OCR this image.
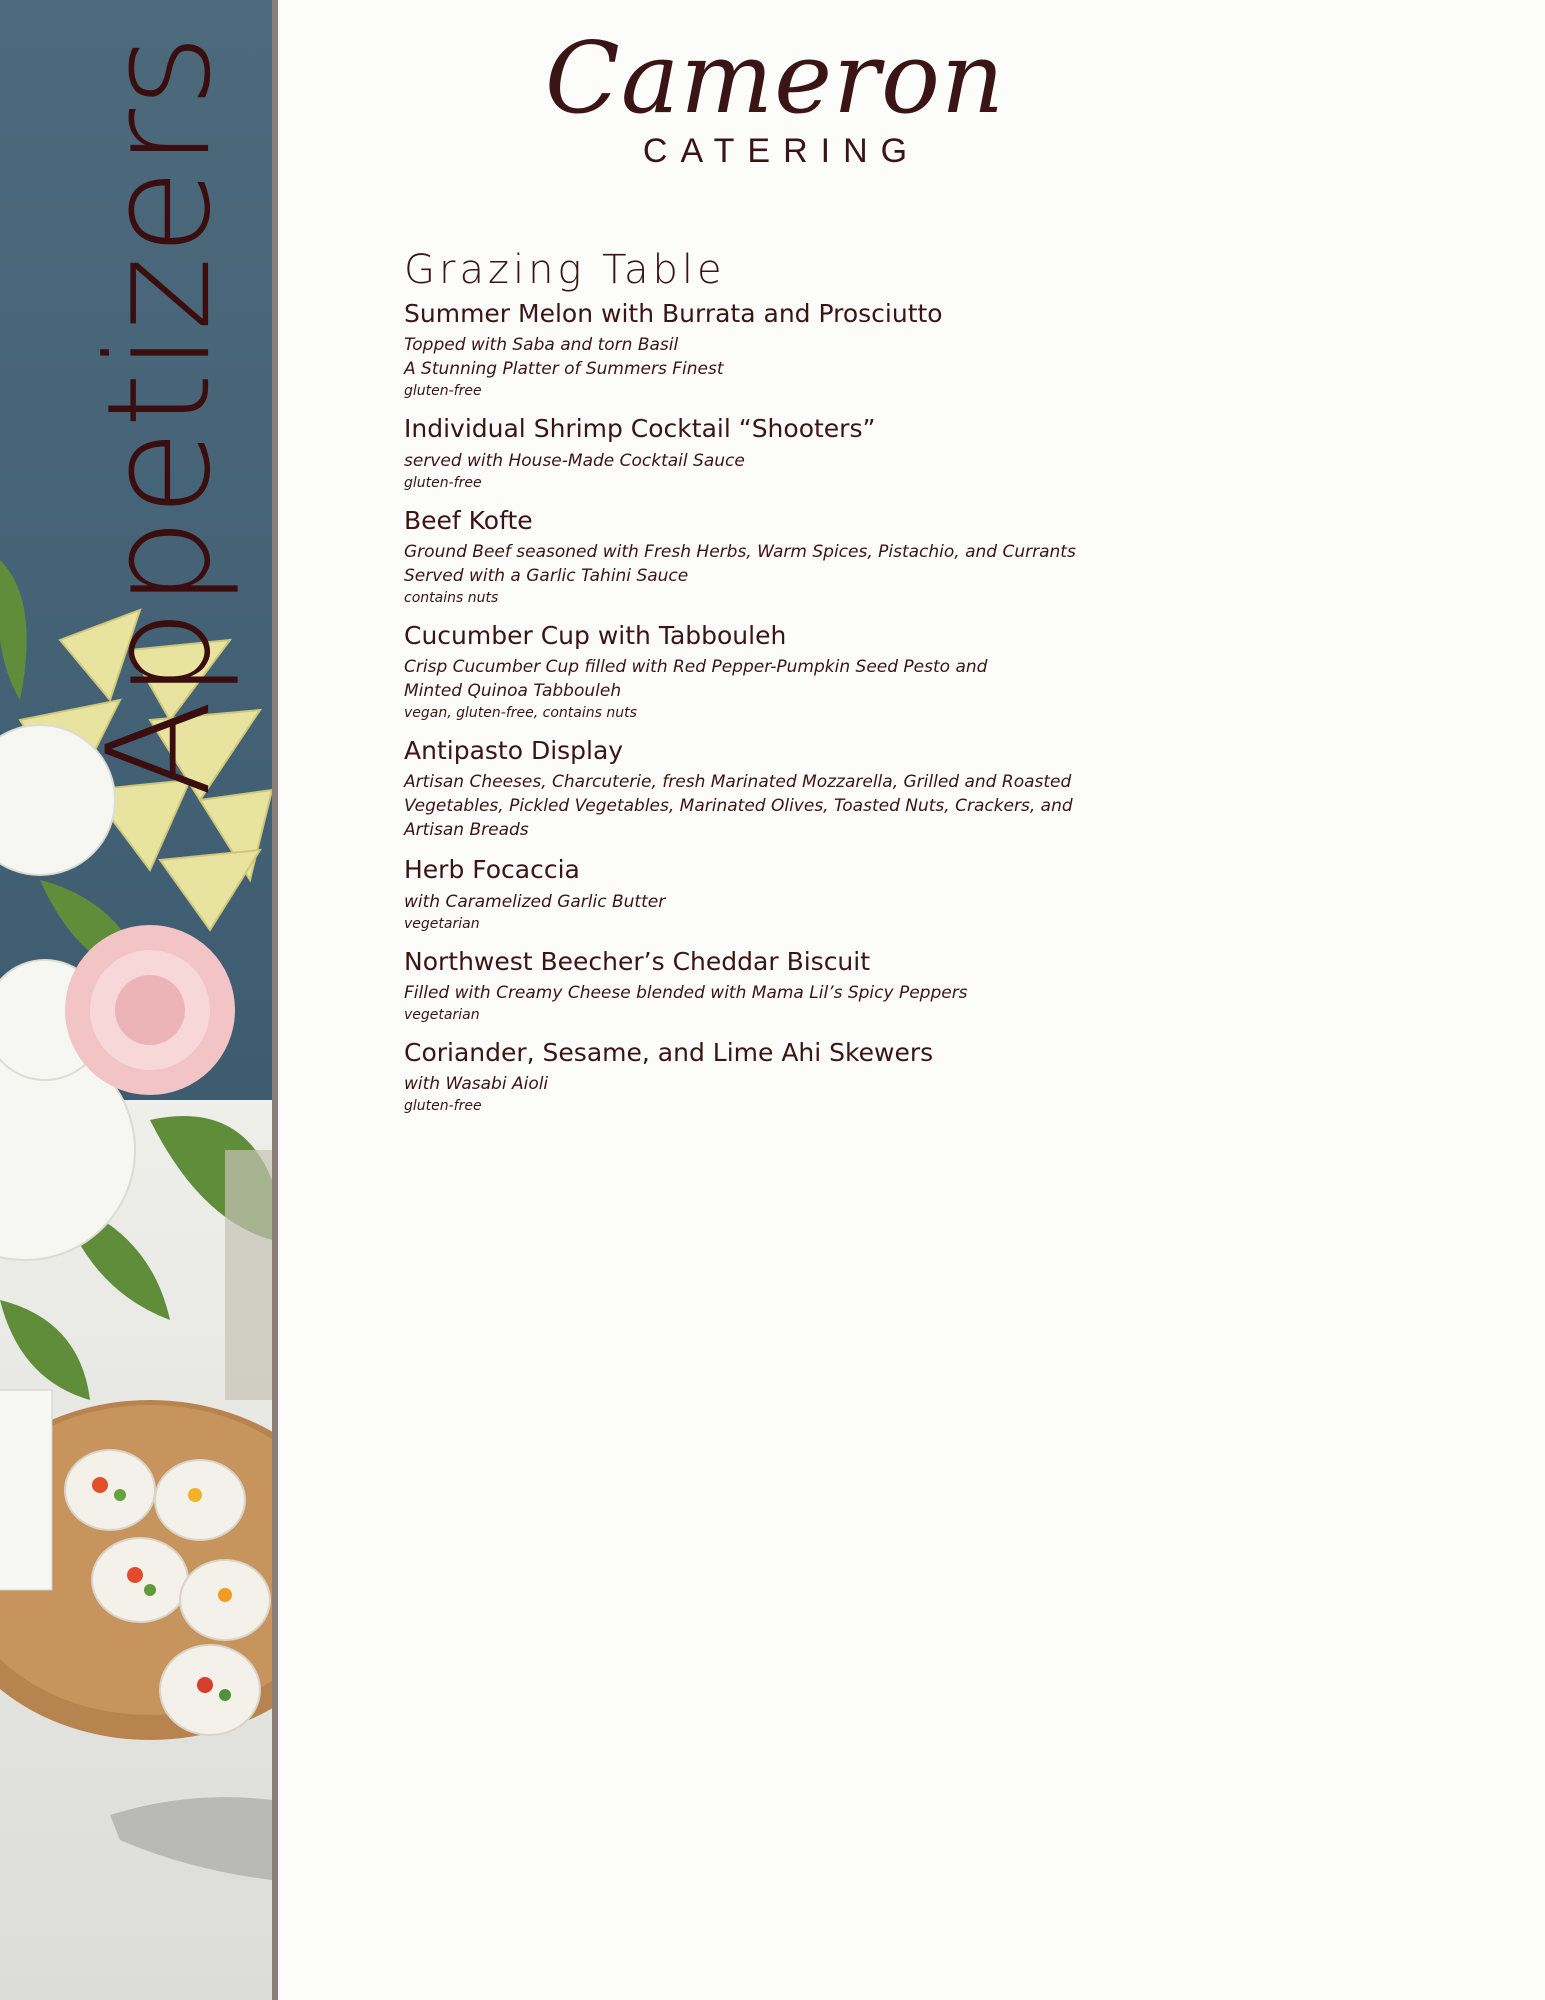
Appetizers	Cameron
CATERING
Grazing Table
Summer Melon with Burrata and Prosciutto
Topped with Saba and torn Basil
A Stunning Platter of Summers Finest
gluten-free
Individual Shrimp Cocktail “Shooters”
served with House-Made Cocktail Sauce
gluten-free
Beef Kofte
Ground Beef seasoned with Fresh Herbs, Warm Spices, Pistachio, and Currants
Served with a Garlic Tahini Sauce
contains nuts
Cucumber Cup with Tabbouleh
Crisp Cucumber Cup filled with Red Pepper-Pumpkin Seed Pesto and
Minted Quinoa Tabbouleh
vegan, gluten-free, contains nuts
Antipasto Display
Artisan Cheeses, Charcuterie, fresh Marinated Mozzarella, Grilled and Roasted
Vegetables, Pickled Vegetables, Marinated Olives, Toasted Nuts, Crackers, and
Artisan Breads
Herb Focaccia
with Caramelized Garlic Butter
vegetarian
Northwest Beecher’s Cheddar Biscuit
Filled with Creamy Cheese blended with Mama Lil’s Spicy Peppers
vegetarian
Coriander, Sesame, and Lime Ahi Skewers
with Wasabi Aioli
gluten-free
